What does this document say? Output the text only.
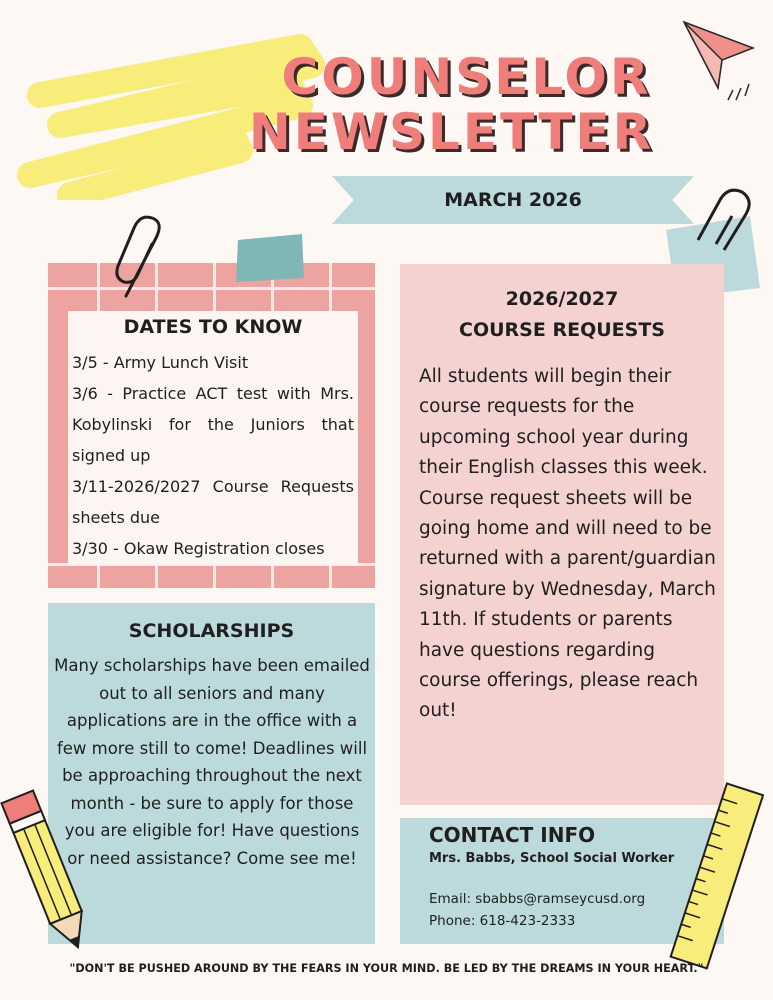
COUNSELOR
NEWSLETTER
MARCH 2026
DATES TO KNOW
3/5 - Army Lunch Visit
3/6 - Practice ACT test with Mrs. Kobylinski for the Juniors that signed up
3/11-2026/2027 Course Requests sheets due
3/30 - Okaw Registration closes
2026/2027
COURSE REQUESTS
All students will begin their course requests for the upcoming school year during their English classes this week. Course request sheets will be going home and will need to be returned with a parent/guardian signature by Wednesday, March 11th. If students or parents have questions regarding course offerings, please reach out!
SCHOLARSHIPS
Many scholarships have been emailed out to all seniors and many applications are in the office with a few more still to come! Deadlines will be approaching throughout the next month - be sure to apply for those you are eligible for! Have questions or need assistance? Come see me!
CONTACT INFO
Mrs. Babbs, School Social Worker
Email: sbabbs@ramseycusd.org
Phone: 618-423-2333
"DON'T BE PUSHED AROUND BY THE FEARS IN YOUR MIND. BE LED BY THE DREAMS IN YOUR HEART."
